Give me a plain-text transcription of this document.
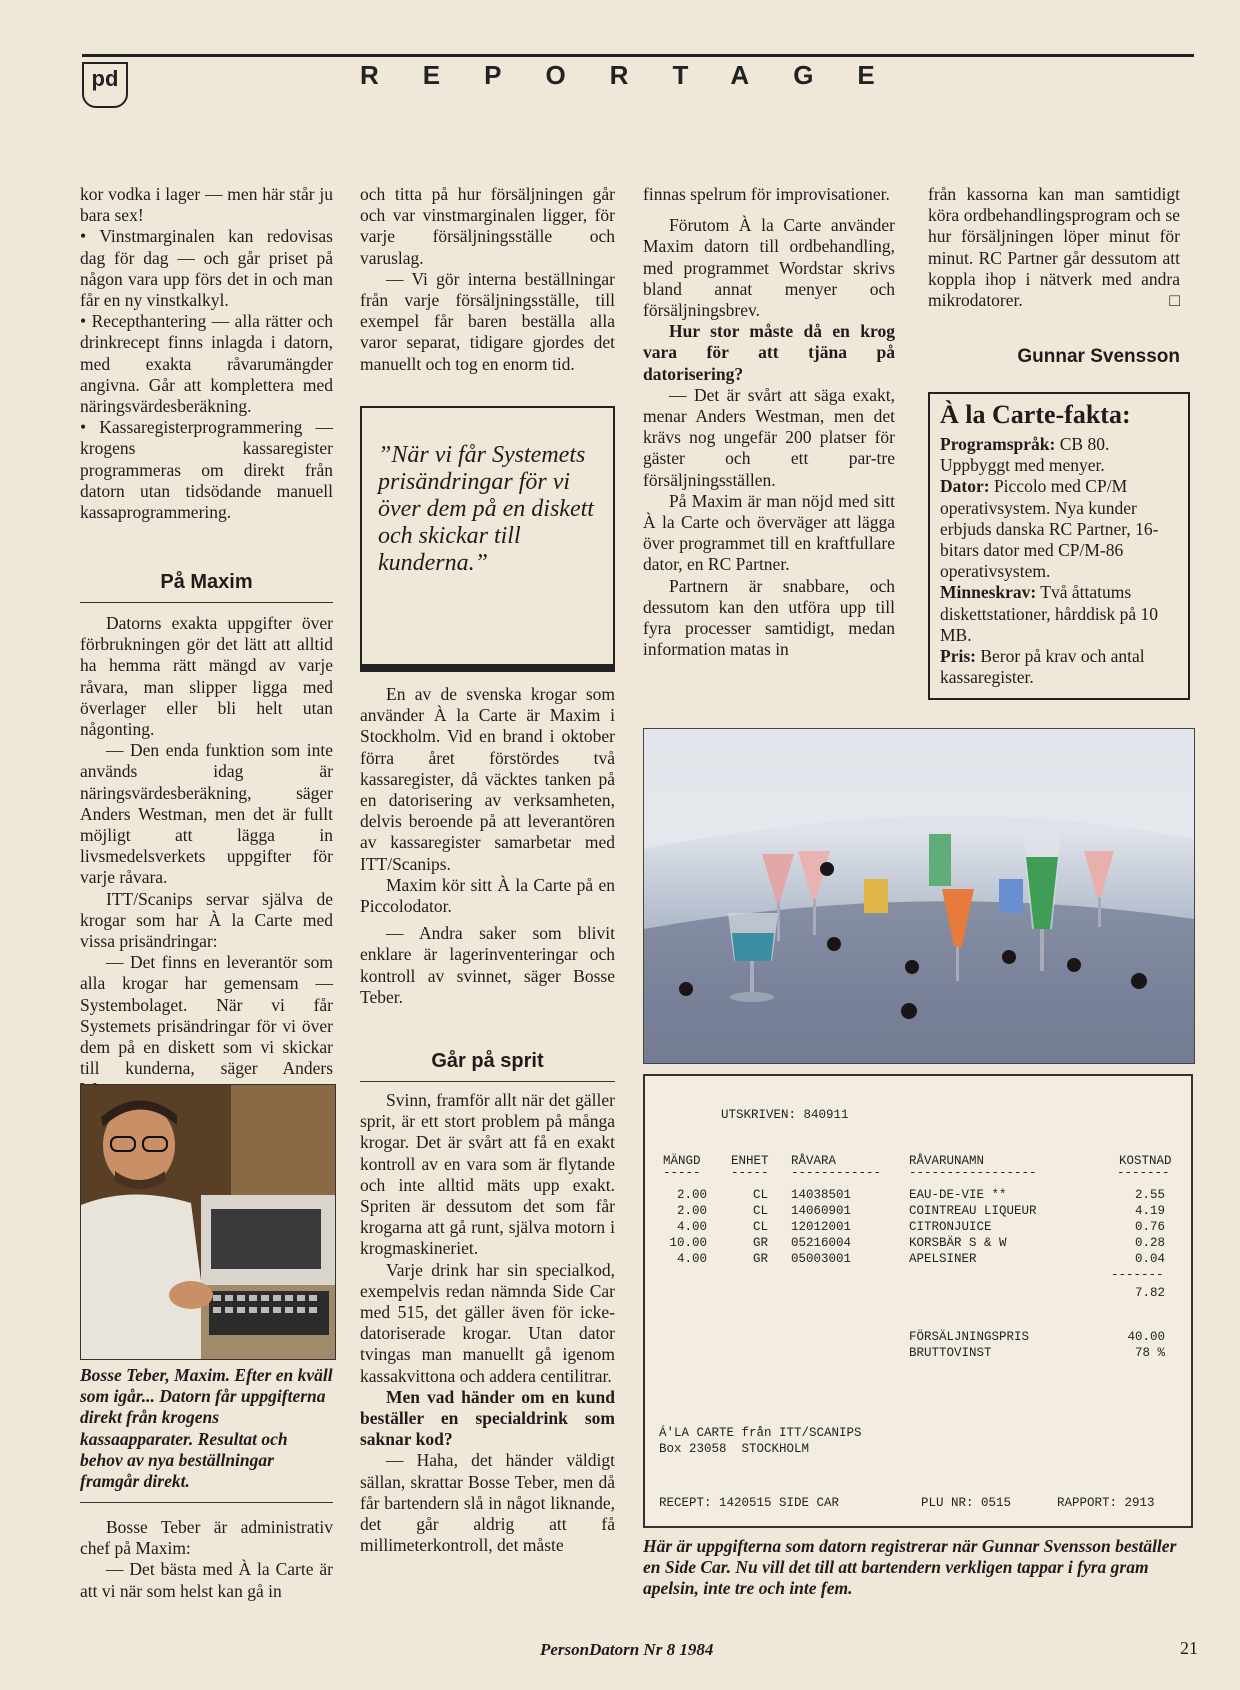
pd	REPORTAGE

kor vodka i lager — men här står ju bara sex!

• Vinstmarginalen kan redovisas dag för dag — och går priset på någon vara upp förs det in och man får en ny vinstkalkyl.

• Recepthantering — alla rätter och drinkrecept finns inlagda i datorn, med exakta råvarumängder angivna. Går att komplettera med näringsvärdesberäkning.

• Kassaregisterprogrammering — krogens kassaregister programmeras om direkt från datorn utan tidsödande manuell kassaprogrammering.

På Maxim

Datorns exakta uppgifter över förbrukningen gör det lätt att alltid ha hemma rätt mängd av varje råvara, man slipper ligga med överlager eller bli helt utan någonting.

— Den enda funktion som inte används idag är näringsvärdesberäkning, säger Anders Westman, men det är fullt möjligt att lägga in livsmedelsverkets uppgifter för varje råvara.

ITT/Scanips servar själva de krogar som har À la Carte med vissa prisändringar:

— Det finns en leverantör som alla krogar har gemensam — Systembolaget. När vi får Systemets prisändringar för vi över dem på en diskett som vi skickar till kunderna, säger Anders

Bosse Teber, Maxim. Efter en kväll som igår... Datorn får uppgifterna direkt från krogens kassaapparater. Resultat och behov av nya beställningar framgår direkt.

Bosse Teber är administrativ chef på Maxim:

— Det bästa med À la Carte är att vi när som helst kan gå in

och titta på hur försäljningen går och var vinstmarginalen ligger, för varje försäljningsställe och varuslag.

— Vi gör interna beställningar från varje försäljningsställe, till exempel får baren beställa alla varor separat, tidigare gjordes det manuellt och tog en enorm tid.

”När vi får Systemets prisändringar för vi över dem på en diskett och skickar till kunderna.”

En av de svenska krogar som använder À la Carte är Maxim i Stockholm. Vid en brand i oktober förra året förstördes två kassaregister, då väcktes tanken på en datorisering av verksamheten, delvis beroende på att leverantören av kassaregister samarbetar med ITT/Scanips.

Maxim kör sitt À la Carte på en Piccolodator.

— Andra saker som blivit enklare är lagerinventeringar och kontroll av svinnet, säger Bosse Teber.

Går på sprit

Svinn, framför allt när det gäller sprit, är ett stort problem på många krogar. Det är svårt att få en exakt kontroll av en vara som är flytande och inte alltid mäts upp exakt. Spriten är dessutom det som får krogarna att gå runt, själva motorn i krogmaskineriet.

Varje drink har sin specialkod, exempelvis redan nämnda Side Car med 515, det gäller även för icke-datoriserade krogar. Utan dator tvingas man manuellt gå igenom kassakvittona och addera centilitrar.

Men vad händer om en kund beställer en specialdrink som saknar kod?

— Haha, det händer väldigt sällan, skrattar Bosse Teber, men då får bartendern slå in något liknande, det går aldrig att få millimeterkontroll, det måste

finnas spelrum för improvisationer.

Förutom À la Carte använder Maxim datorn till ordbehandling, med programmet Wordstar skrivs bland annat menyer och försäljningsbrev.

Hur stor måste då en krog vara för att tjäna på datorisering?

— Det är svårt att säga exakt, menar Anders Westman, men det krävs nog ungefär 200 platser för gäster och ett par-tre försäljningsställen.

På Maxim är man nöjd med sitt À la Carte och överväger att lägga över programmet till en kraftfullare dator, en RC Partner.

Partnern är snabbare, och dessutom kan den utföra upp till fyra processer samtidigt, medan information matas in

från kassorna kan man samtidigt köra ordbehandlingsprogram och se hur försäljningen löper minut för minut. RC Partner går dessutom att koppla ihop i nätverk med andra mikrodatorer.	□

Gunnar Svensson
À la Carte-fakta:

Programspråk: CB 80. Uppbyggt med menyer.

Dator: Piccolo med CP/M operativsystem. Nya kunder erbjuds danska RC Partner, 16-bitars dator med CP/M-86 operativsystem.

Minneskrav: Två åttatums diskettstationer, hårddisk på 10 MB.

Pris: Beror på krav och antal kassaregister.

UTSKRIVEN: 840911
MÄNGD ENHET RÅVARA	RÅVARUNAMN	KOSTNAD
----- ----- ------------ -----------------	-------
2.00	CL 14038501	EAU-DE-VIE **	2.55
2.00	CL 14060901	COINTREAU LIQUEUR	4.19
4.00	CL 12012001	CITRONJUICE	0.76
10.00	GR 05216004	KORSBÄR S & W	0.28
4.00	GR 05003001	APELSINER	0.04
-------
7.82
FÖRSÄLJNINGSPRIS	40.00
BRUTTOVINST	78 %
Á'LA CARTE från ITT/SCANIPS
Box 23058  STOCKHOLM
RECEPT: 1420515 SIDE CAR	PLU NR: 0515	RAPPORT: 2913
Här är uppgifterna som datorn registrerar när Gunnar Svensson beställer en Side Car. Nu vill det till att bartendern verkligen tappar i fyra gram apelsin, inte tre och inte fem.
PersonDatorn Nr 8 1984	21
